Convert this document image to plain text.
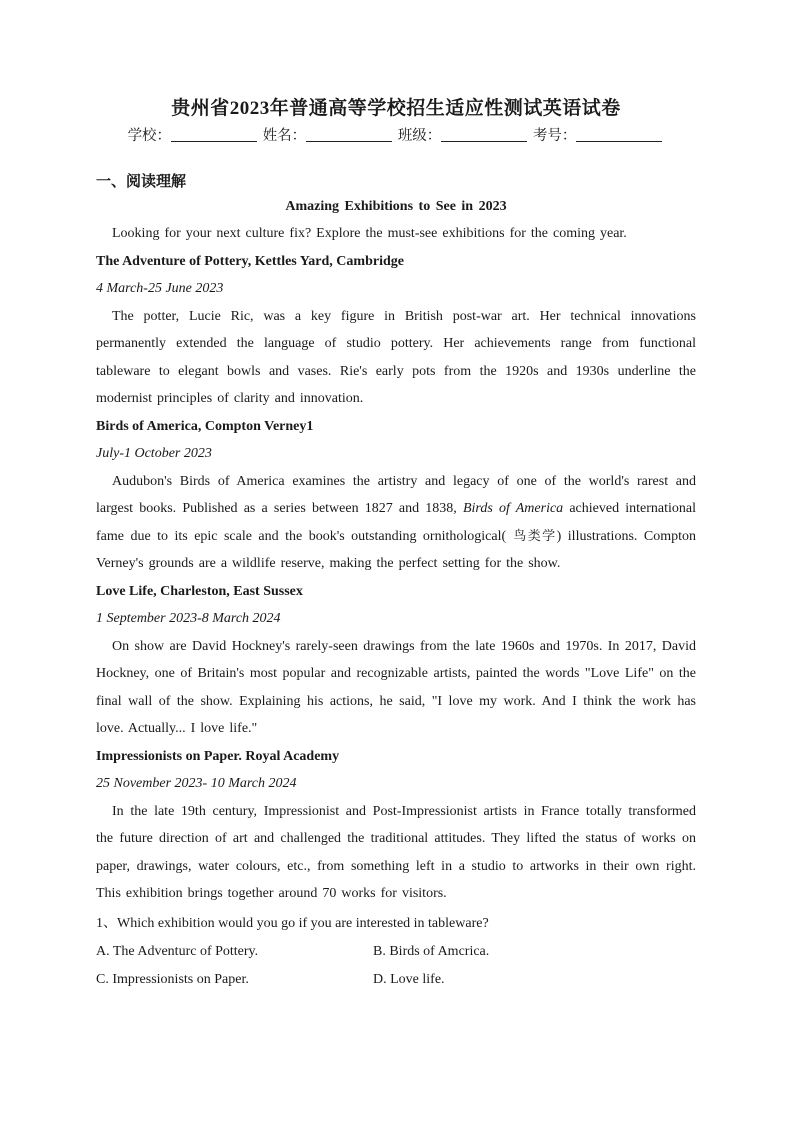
贵州省2023年普通高等学校招生适应性测试英语试卷
学校：	姓名：	班级：	考号：
一、阅读理解
Amazing Exhibitions to See in 2023

Looking for your next culture fix? Explore the must-see exhibitions for the coming year.

The Adventure of Pottery, Kettles Yard, Cambridge

4 March-25 June 2023

The potter, Lucie Ric, was a key figure in British post-war art. Her technical innovations permanently extended the language of studio pottery. Her achievements range from functional tableware to elegant bowls and vases. Rie's early pots from the 1920s and 1930s underline the modernist principles of clarity and innovation.

Birds of America, Compton Verney1

July-1 October 2023

Audubon's Birds of America examines the artistry and legacy of one of the world's rarest and largest books. Published as a series between 1827 and 1838, Birds of America achieved international fame due to its epic scale and the book's outstanding ornithological( 鸟类学) illustrations. Compton Verney's grounds are a wildlife reserve, making the perfect setting for the show.

Love Life, Charleston, East Sussex

1 September 2023-8 March 2024

On show are David Hockney's rarely-seen drawings from the late 1960s and 1970s. In 2017, David Hockney, one of Britain's most popular and recognizable artists, painted the words "Love Life" on the final wall of the show. Explaining his actions, he said, "I love my work. And I think the work has love. Actually... I love life."

Impressionists on Paper. Royal Academy

25 November 2023- 10 March 2024

In the late 19th century, Impressionist and Post-Impressionist artists in France totally transformed the future direction of art and challenged the traditional attitudes. They lifted the status of works on paper, drawings, water colours, etc., from something left in a studio to artworks in their own right. This exhibition brings together around 70 works for visitors.

1、Which exhibition would you go if you are interested in tableware?

A. The Adventurc of Pottery.	B. Birds of Amcrica.
C. Impressionists on Paper.	D. Love life.
